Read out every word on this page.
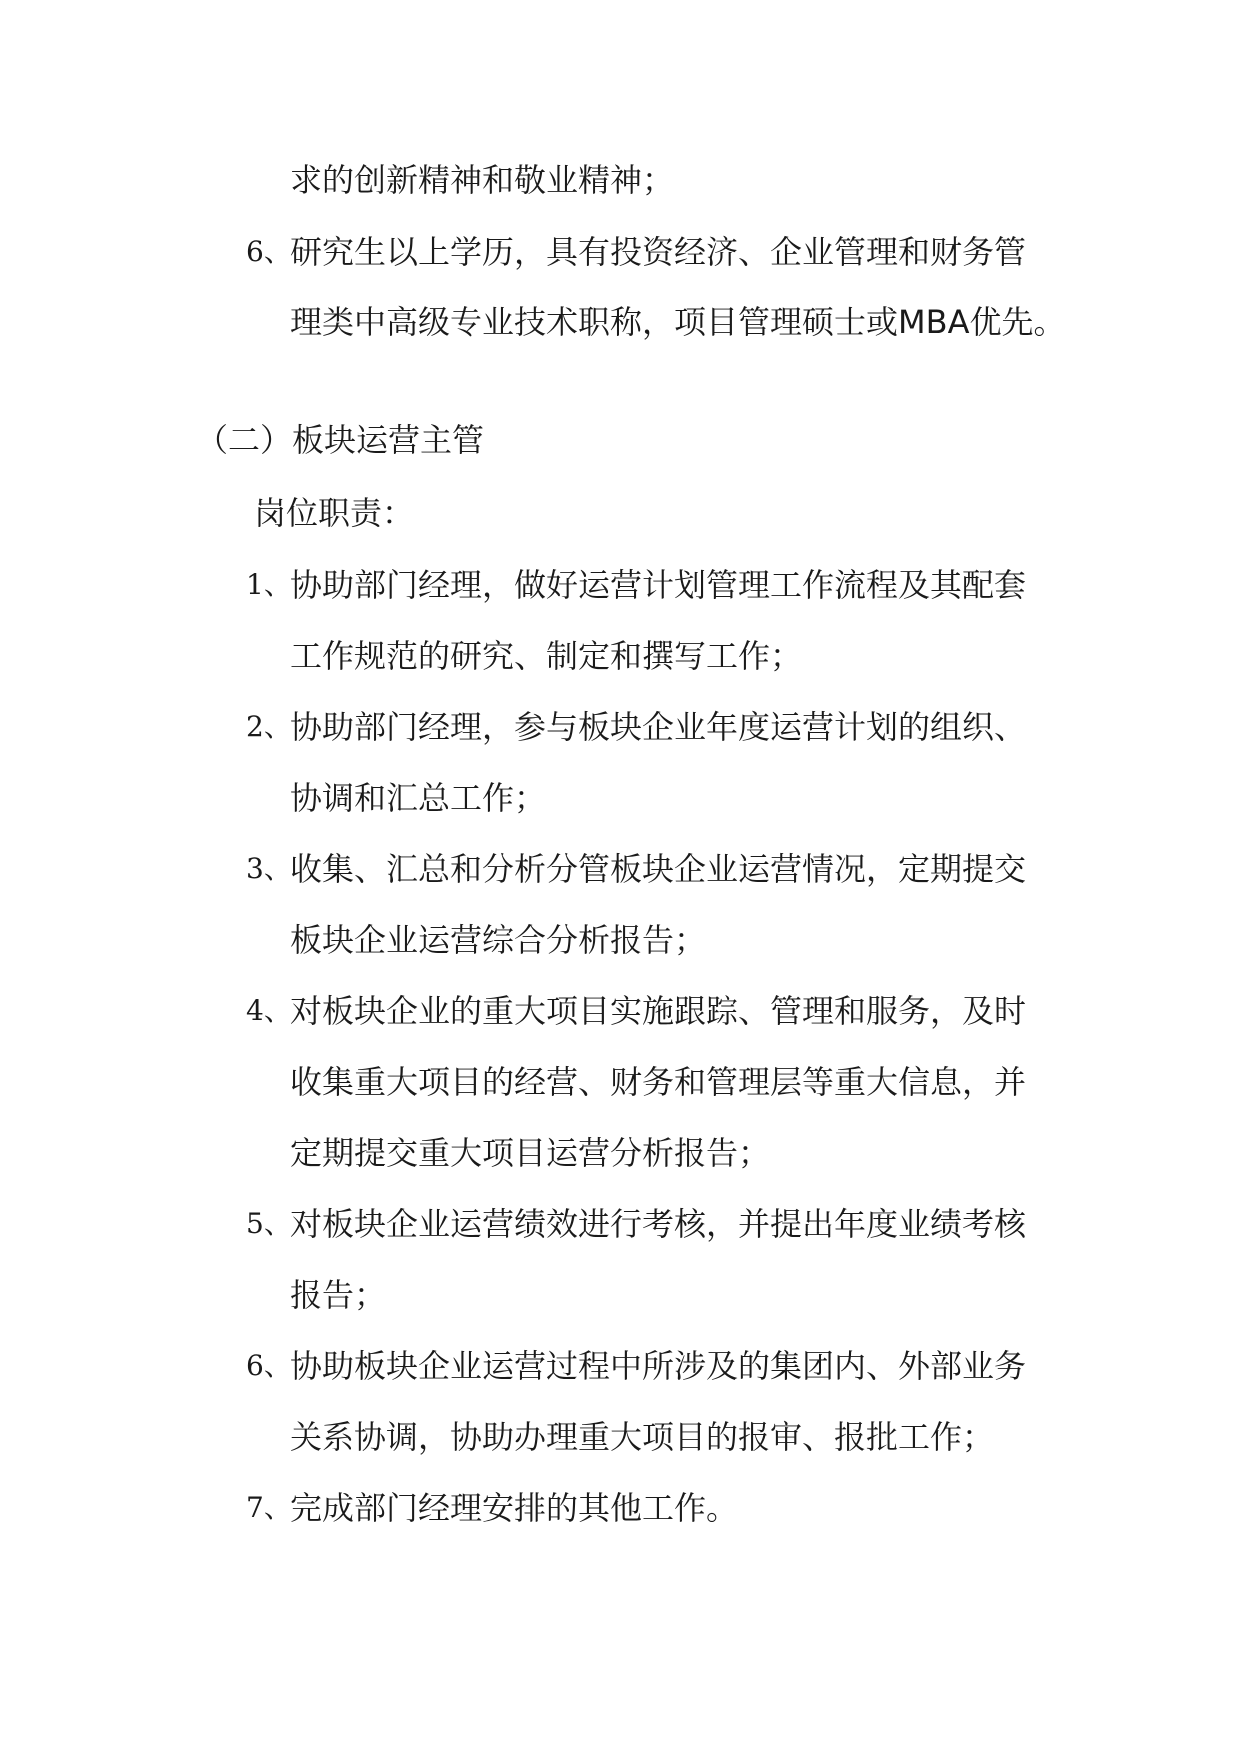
求的创新精神和敬业精神；
6、
研究生以上学历，具有投资经济、企业管理和财务管
理类中高级专业技术职称，项目管理硕士或MBA优先。
（二）板块运营主管
岗位职责：
1、
协助部门经理，做好运营计划管理工作流程及其配套
工作规范的研究、制定和撰写工作；
2、
协助部门经理，参与板块企业年度运营计划的组织、
协调和汇总工作；
3、
收集、汇总和分析分管板块企业运营情况，定期提交
板块企业运营综合分析报告；
4、
对板块企业的重大项目实施跟踪、管理和服务，及时
收集重大项目的经营、财务和管理层等重大信息，并
定期提交重大项目运营分析报告；
5、
对板块企业运营绩效进行考核，并提出年度业绩考核
报告；
6、
协助板块企业运营过程中所涉及的集团内、外部业务
关系协调，协助办理重大项目的报审、报批工作；
7、
完成部门经理安排的其他工作。
